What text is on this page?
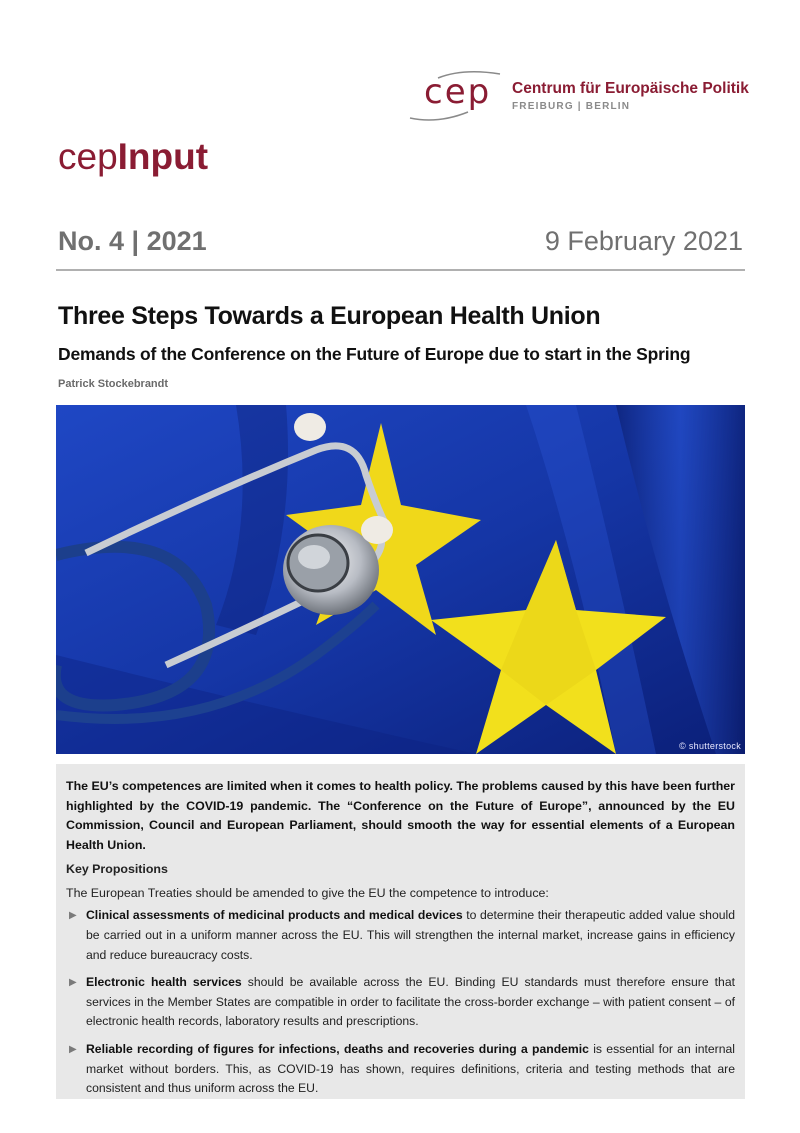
cep Centrum für Europäische Politik
FREIBURG | BERLIN
cepInput
No. 4 | 2021	9 February 2021
Three Steps Towards a European Health Union
Demands of the Conference on the Future of Europe due to start in the Spring
Patrick Stockebrandt
© shutterstock

The EU’s competences are limited when it comes to health policy. The problems caused by this have been further highlighted by the COVID-19 pandemic. The “Conference on the Future of Europe”, announced by the EU Commission, Council and European Parliament, should smooth the way for essential elements of a European Health Union.

Key Propositions
The European Treaties should be amended to give the EU the competence to introduce:
▶ Clinical assessments of medicinal products and medical devices to determine their therapeutic added value should be carried out in a uniform manner across the EU. This will strengthen the internal market, increase gains in efficiency and reduce bureaucracy costs.
▶ Electronic health services should be available across the EU. Binding EU standards must therefore ensure that services in the Member States are compatible in order to facilitate the cross-border exchange – with patient consent – of electronic health records, laboratory results and prescriptions.
▶ Reliable recording of figures for infections, deaths and recoveries during a pandemic is essential for an internal market without borders. This, as COVID-19 has shown, requires definitions, criteria and testing methods that are consistent and thus uniform across the EU.
